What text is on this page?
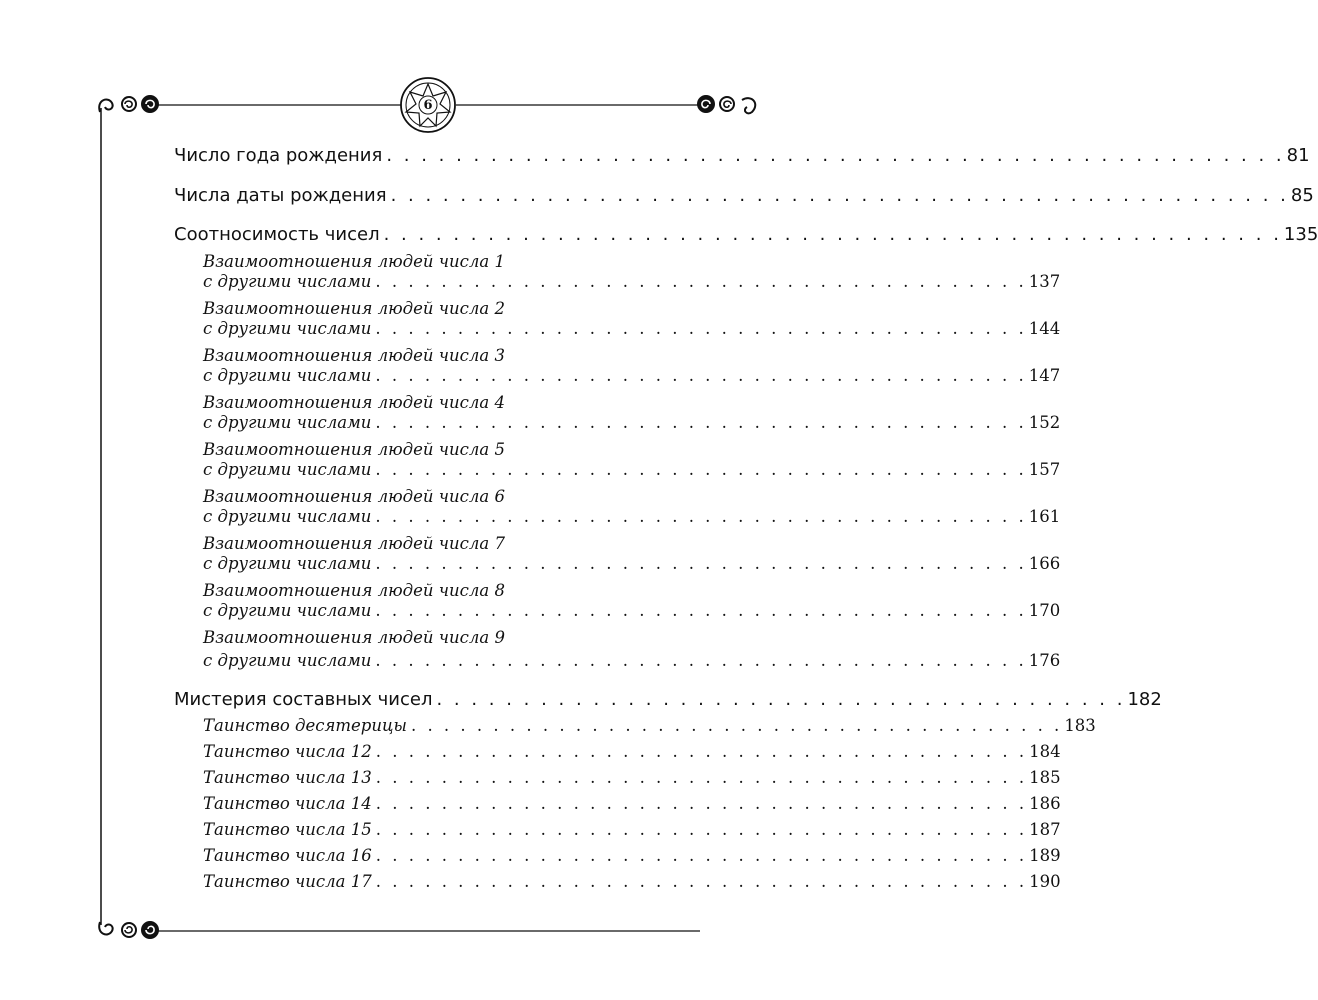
6
Число года рождения . . . . . . . . . . . . . . . . . . . . . . . . . . . . . . . . . . . . . . . . . . . . . . . . . . . . 81
Числа даты рождения . . . . . . . . . . . . . . . . . . . . . . . . . . . . . . . . . . . . . . . . . . . . . . . . . . . . 85
Соотносимость чисел . . . . . . . . . . . . . . . . . . . . . . . . . . . . . . . . . . . . . . . . . . . . . . . . . . . . 135
Взаимоотношения людей числа 1
с другими числами . . . . . . . . . . . . . . . . . . . . . . . . . . . . . . . . . . . . . . . . 137
Взаимоотношения людей числа 2
с другими числами . . . . . . . . . . . . . . . . . . . . . . . . . . . . . . . . . . . . . . . . 144
Взаимоотношения людей числа 3
с другими числами . . . . . . . . . . . . . . . . . . . . . . . . . . . . . . . . . . . . . . . . 147
Взаимоотношения людей числа 4
с другими числами . . . . . . . . . . . . . . . . . . . . . . . . . . . . . . . . . . . . . . . . 152
Взаимоотношения людей числа 5
с другими числами . . . . . . . . . . . . . . . . . . . . . . . . . . . . . . . . . . . . . . . . 157
Взаимоотношения людей числа 6
с другими числами . . . . . . . . . . . . . . . . . . . . . . . . . . . . . . . . . . . . . . . . 161
Взаимоотношения людей числа 7
с другими числами . . . . . . . . . . . . . . . . . . . . . . . . . . . . . . . . . . . . . . . . 166
Взаимоотношения людей числа 8
с другими числами . . . . . . . . . . . . . . . . . . . . . . . . . . . . . . . . . . . . . . . . 170
Взаимоотношения людей числа 9
с другими числами . . . . . . . . . . . . . . . . . . . . . . . . . . . . . . . . . . . . . . . . 176
Мистерия составных чисел . . . . . . . . . . . . . . . . . . . . . . . . . . . . . . . . . . . . . . . . 182
Таинство десятерицы . . . . . . . . . . . . . . . . . . . . . . . . . . . . . . . . . . . . . . . . 183
Таинство числа 12 . . . . . . . . . . . . . . . . . . . . . . . . . . . . . . . . . . . . . . . . 184
Таинство числа 13 . . . . . . . . . . . . . . . . . . . . . . . . . . . . . . . . . . . . . . . . 185
Таинство числа 14 . . . . . . . . . . . . . . . . . . . . . . . . . . . . . . . . . . . . . . . . 186
Таинство числа 15 . . . . . . . . . . . . . . . . . . . . . . . . . . . . . . . . . . . . . . . . 187
Таинство числа 16 . . . . . . . . . . . . . . . . . . . . . . . . . . . . . . . . . . . . . . . . 189
Таинство числа 17 . . . . . . . . . . . . . . . . . . . . . . . . . . . . . . . . . . . . . . . . 190
